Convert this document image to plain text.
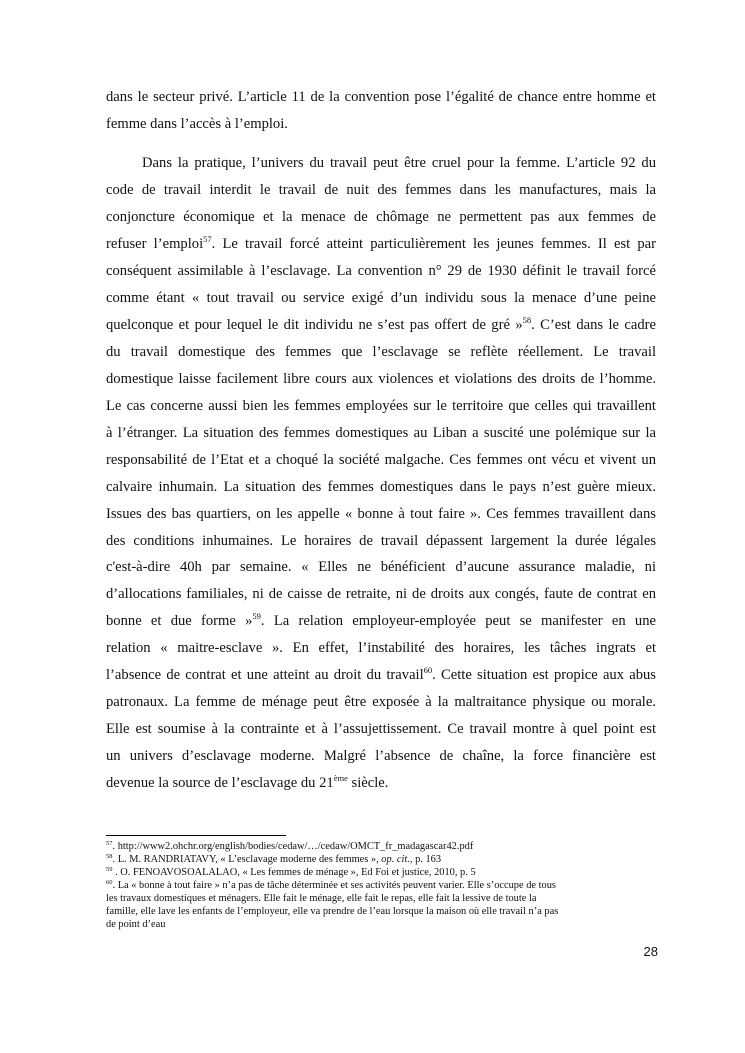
dans le secteur privé. L’article 11 de la convention pose l’égalité de chance entre homme et
femme dans l’accès à l’emploi.
Dans la pratique, l’univers du travail peut être cruel pour la femme. L’article 92 du
code de travail interdit le travail de nuit des femmes dans les manufactures, mais la
conjoncture économique et la menace de chômage ne permettent pas aux femmes de
refuser l’emploi$^{57}$. Le travail forcé atteint particulièrement les jeunes femmes. Il est par
conséquent assimilable à l’esclavage. La convention n° 29 de 1930 définit le travail forcé
comme étant « tout travail ou service exigé d’un individu sous la menace d’une peine
quelconque et pour lequel le dit individu ne s’est pas offert de gré »$^{58}$. C’est dans le cadre
du travail domestique des femmes que l’esclavage se reflète réellement. Le travail
domestique laisse facilement libre cours aux violences et violations des droits de l’homme.
Le cas concerne aussi bien les femmes employées sur le territoire que celles qui travaillent
à l’étranger. La situation des femmes domestiques au Liban a suscité une polémique sur la
responsabilité de l’Etat et a choqué la société malgache. Ces femmes ont vécu et vivent un
calvaire inhumain. La situation des femmes domestiques dans le pays n’est guère mieux.
Issues des bas quartiers, on les appelle « bonne à tout faire ». Ces femmes travaillent dans
des conditions inhumaines. Le horaires de travail dépassent largement la durée légales
c'est-à-dire 40h par semaine. « Elles ne bénéficient d’aucune assurance maladie, ni
d’allocations familiales, ni de caisse de retraite, ni de droits aux congés, faute de contrat en
bonne et due forme »$^{59}$. La relation employeur-employée peut se manifester en une
relation « maitre-esclave ». En effet, l’instabilité des horaires, les tâches ingrats et
l’absence de contrat et une atteint au droit du travail$^{60}$. Cette situation est propice aux abus
patronaux. La femme de ménage peut être exposée à la maltraitance physique ou morale.
Elle est soumise à la contrainte et à l’assujettissement. Ce travail montre à quel point est
un univers d’esclavage moderne. Malgré l’absence de chaîne, la force financière est
devenue la source de l’esclavage du 21ème siècle.
$^{57}$. http://www2.ohchr.org/english/bodies/cedaw/…/cedaw/OMCT_fr_madagascar42.pdf
$^{58}$. L. M. RANDRIATAVY, « L’esclavage moderne des femmes », op. cit., p. 163
$^{59}$ . O. FENOAVOSOALALAO, « Les femmes de ménage », Ed Foi et justice, 2010, p. 5
$^{60}$. La « bonne à tout faire » n’a pas de tâche déterminée et ses activités peuvent varier. Elle s’occupe de tous
les travaux domestiques et ménagers. Elle fait le ménage, elle fait le repas, elle fait la lessive de toute la
famille, elle lave les enfants de l’employeur, elle va prendre de l’eau lorsque la maison où elle travail n’a pas
de point d’eau
28
